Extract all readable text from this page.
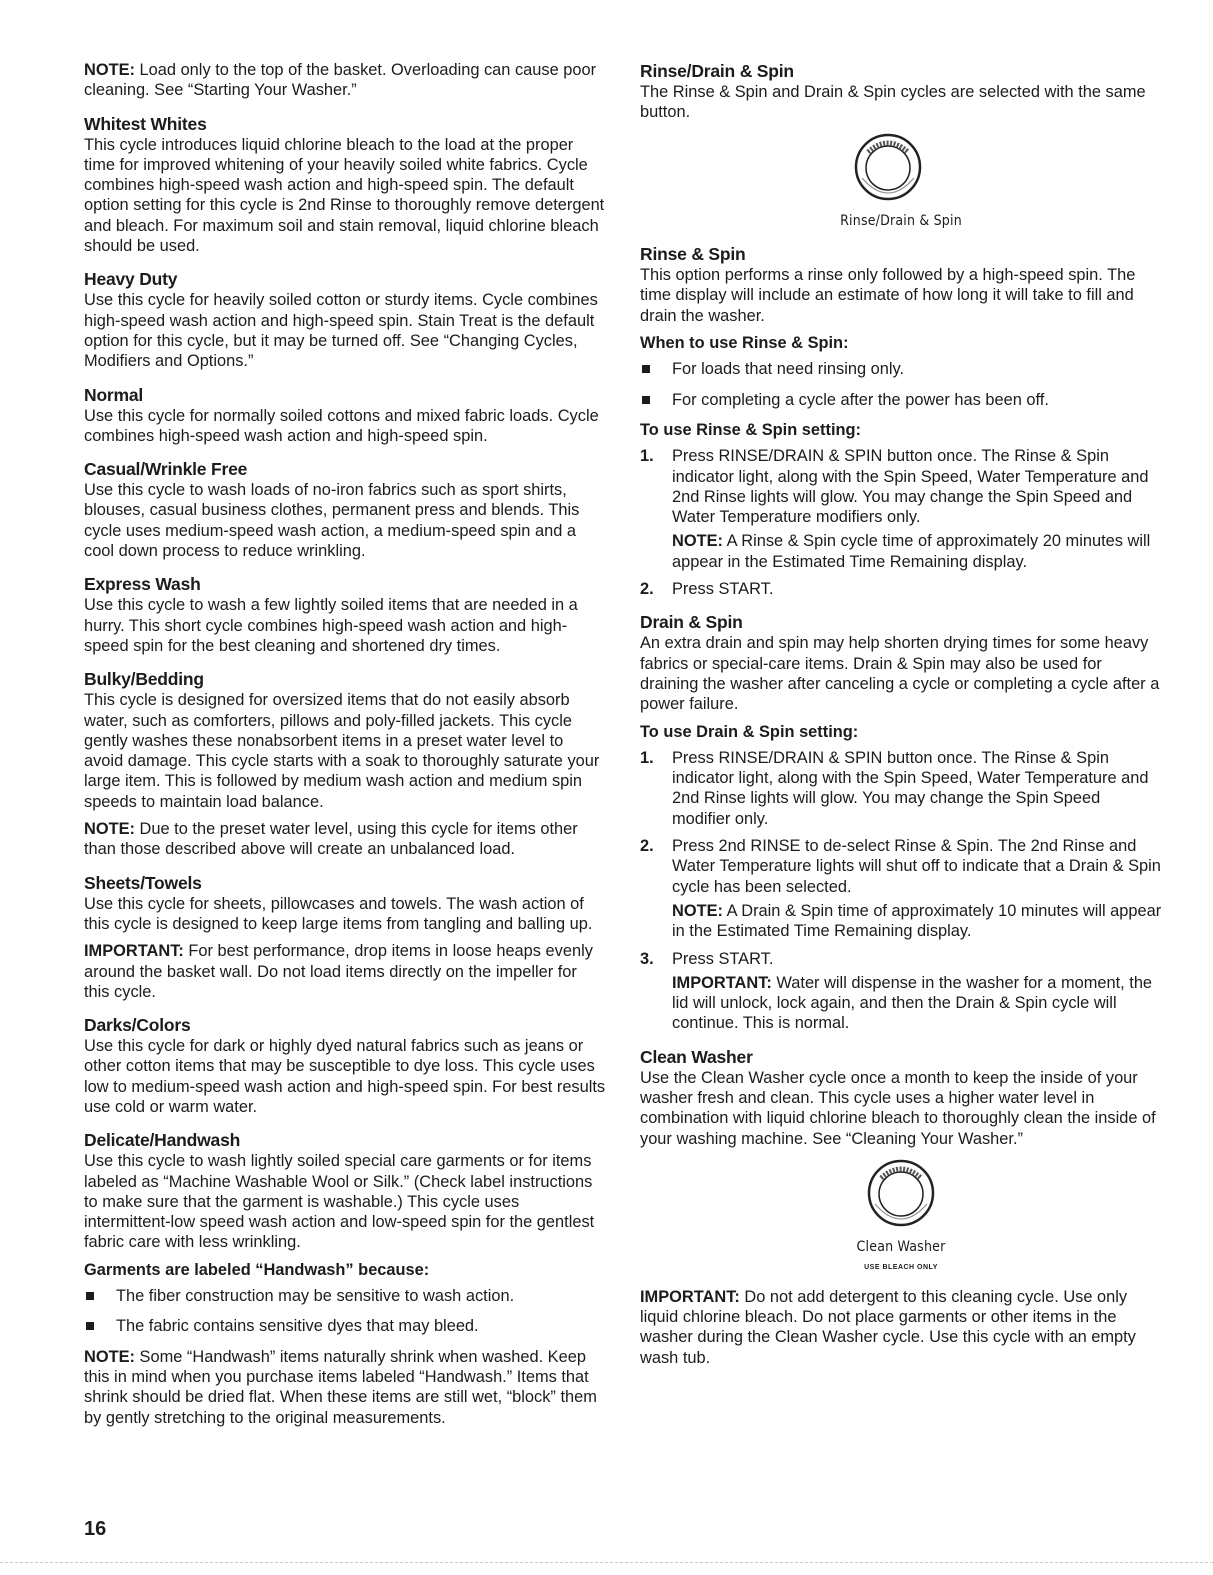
NOTE: Load only to the top of the basket. Overloading can cause poor cleaning. See “Starting Your Washer.”

Whitest Whites

This cycle introduces liquid chlorine bleach to the load at the proper time for improved whitening of your heavily soiled white fabrics. Cycle combines high-speed wash action and high-speed spin. The default option setting for this cycle is 2nd Rinse to thoroughly remove detergent and bleach. For maximum soil and stain removal, liquid chlorine bleach should be used.

Heavy Duty

Use this cycle for heavily soiled cotton or sturdy items. Cycle combines high-speed wash action and high-speed spin. Stain Treat is the default option for this cycle, but it may be turned off. See “Changing Cycles, Modifiers and Options.”

Normal

Use this cycle for normally soiled cottons and mixed fabric loads. Cycle combines high-speed wash action and high-speed spin.

Casual/Wrinkle Free

Use this cycle to wash loads of no-iron fabrics such as sport shirts, blouses, casual business clothes, permanent press and blends. This cycle uses medium-speed wash action, a medium-speed spin and a cool down process to reduce wrinkling.

Express Wash

Use this cycle to wash a few lightly soiled items that are needed in a hurry. This short cycle combines high-speed wash action and high-speed spin for the best cleaning and shortened dry times.

Bulky/Bedding

This cycle is designed for oversized items that do not easily absorb water, such as comforters, pillows and poly-filled jackets. This cycle gently washes these nonabsorbent items in a preset water level to avoid damage. This cycle starts with a soak to thoroughly saturate your large item. This is followed by medium wash action and medium spin speeds to maintain load balance.

NOTE: Due to the preset water level, using this cycle for items other than those described above will create an unbalanced load.

Sheets/Towels

Use this cycle for sheets, pillowcases and towels. The wash action of this cycle is designed to keep large items from tangling and balling up.

IMPORTANT: For best performance, drop items in loose heaps evenly around the basket wall. Do not load items directly on the impeller for this cycle.

Darks/Colors

Use this cycle for dark or highly dyed natural fabrics such as jeans or other cotton items that may be susceptible to dye loss. This cycle uses low to medium-speed wash action and high-speed spin. For best results use cold or warm water.

Delicate/Handwash

Use this cycle to wash lightly soiled special care garments or for items labeled as “Machine Washable Wool or Silk.” (Check label instructions to make sure that the garment is washable.) This cycle uses intermittent-low speed wash action and low-speed spin for the gentlest fabric care with less wrinkling.

Garments are labeled “Handwash” because:

The fiber construction may be sensitive to wash action.
The fabric contains sensitive dyes that may bleed.

NOTE: Some “Handwash” items naturally shrink when washed. Keep this in mind when you purchase items labeled “Handwash.” Items that shrink should be dried flat. When these items are still wet, “block” them by gently stretching to the original measurements.

Rinse/Drain & Spin

The Rinse & Spin and Drain & Spin cycles are selected with the same button.

Rinse/Drain & Spin
Rinse & Spin

This option performs a rinse only followed by a high-speed spin. The time display will include an estimate of how long it will take to fill and drain the washer.

When to use Rinse & Spin:

For loads that need rinsing only.
For completing a cycle after the power has been off.

To use Rinse & Spin setting:

1. Press RINSE/DRAIN & SPIN button once. The Rinse & Spin indicator light, along with the Spin Speed, Water Temperature and 2nd Rinse lights will glow. You may change the Spin Speed and Water Temperature modifiers only.

NOTE: A Rinse & Spin cycle time of approximately 20 minutes will appear in the Estimated Time Remaining display.

2. Press START.

Drain & Spin

An extra drain and spin may help shorten drying times for some heavy fabrics or special-care items. Drain & Spin may also be used for draining the washer after canceling a cycle or completing a cycle after a power failure.

To use Drain & Spin setting:

1. Press RINSE/DRAIN & SPIN button once. The Rinse & Spin indicator light, along with the Spin Speed, Water Temperature and 2nd Rinse lights will glow. You may change the Spin Speed modifier only.

2. Press 2nd RINSE to de-select Rinse & Spin. The 2nd Rinse and Water Temperature lights will shut off to indicate that a Drain & Spin cycle has been selected.

NOTE: A Drain & Spin time of approximately 10 minutes will appear in the Estimated Time Remaining display.

3. Press START.

IMPORTANT: Water will dispense in the washer for a moment, the lid will unlock, lock again, and then the Drain & Spin cycle will continue. This is normal.

Clean Washer

Use the Clean Washer cycle once a month to keep the inside of your washer fresh and clean. This cycle uses a higher water level in combination with liquid chlorine bleach to thoroughly clean the inside of your washing machine. See “Cleaning Your Washer.”

Clean Washer
USE BLEACH ONLY

IMPORTANT: Do not add detergent to this cleaning cycle. Use only liquid chlorine bleach. Do not place garments or other items in the washer during the Clean Washer cycle. Use this cycle with an empty wash tub.

16
